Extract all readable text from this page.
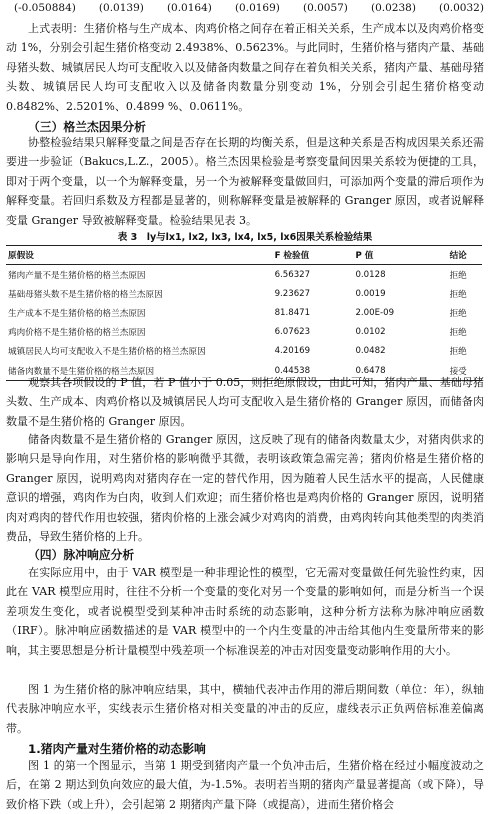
(-0.050884) (0.0139) (0.0164) (0.0169) (0.0057) (0.0238) (0.0032)

上式表明：生猪价格与生产成本、肉鸡价格之间存在着正相关关系，生产成本以及肉鸡价格变动 1%，分别会引起生猪价格变动 2.4938%、0.5623%。与此同时，生猪价格与猪肉产量、基础母猪头数、城镇居民人均可支配收入以及储备肉数量之间存在着负相关关系，猪肉产量、基础母猪头数、城镇居民人均可支配收入以及储备肉数量分别变动 1%，分别会引起生猪价格变动 0.8482%、2.5201%、0.4899 %、0.0611%。

（三）格兰杰因果分析

协整检验结果只解释变量之间是否存在长期的均衡关系，但是这种关系是否构成因果关系还需要进一步验证（Bakucs,L.Z.，2005）。格兰杰因果检验是考察变量间因果关系较为便捷的工具，即对于两个变量，以一个为解释变量，另一个为被解释变量做回归，可添加两个变量的滞后项作为解释变量。若回归系数及方程都是显著的，则称解释变量是被解释的 Granger 原因，或者说解释变量 Granger 导致被解释变量。检验结果见表 3。

表 3　ly与lx1, lx2, lx3, lx4, lx5, lx6因果关系检验结果
原假设	F 检验值	P 值	结论
猪肉产量不是生猪价格的格兰杰原因	6.56327	0.0128	拒绝
基础母猪头数不是生猪价格的格兰杰原因	9.23627	0.0019	拒绝
生产成本不是生猪价格的格兰杰原因	81.8471	2.00E-09	拒绝
鸡肉价格不是生猪价格的格兰杰原因	6.07623	0.0102	拒绝
城镇居民人均可支配收入不是生猪价格的格兰杰原因	4.20169	0.0482	拒绝
储备肉数量不是生猪价格的格兰杰原因	0.44538	0.6478	接受

观察其各项假设的 P 值，若 P 值小于 0.05，则拒绝原假设，由此可知，猪肉产量、基础母猪头数、生产成本、肉鸡价格以及城镇居民人均可支配收入是生猪价格的 Granger 原因，而储备肉数量不是生猪价格的 Granger 原因。

储备肉数量不是生猪价格的 Granger 原因，这反映了现有的储备肉数量太少，对猪肉供求的影响只是导向作用，对生猪价格的影响微乎其微，表明该政策急需完善；猪肉价格是生猪价格的 Granger 原因，说明鸡肉对猪肉存在一定的替代作用，因为随着人民生活水平的提高，人民健康意识的增强，鸡肉作为白肉，收到人们欢迎；而生猪价格也是鸡肉价格的 Granger 原因，说明猪肉对鸡肉的替代作用也较强，猪肉价格的上涨会减少对鸡肉的消费，由鸡肉转向其他类型的肉类消费品，导致生猪价格的上升。

（四）脉冲响应分析

在实际应用中，由于 VAR 模型是一种非理论性的模型，它无需对变量做任何先验性约束，因此在 VAR 模型应用时，往往不分析一个变量的变化对另一个变量的影响如何，而是分析当一个误差项发生变化，或者说模型受到某种冲击时系统的动态影响，这种分析方法称为脉冲响应函数（IRF）。脉冲响应函数描述的是 VAR 模型中的一个内生变量的冲击给其他内生变量所带来的影响，其主要思想是分析计量模型中残差项一个标准误差的冲击对因变量变动影响作用的大小。

图 1 为生猪价格的脉冲响应结果，其中，横轴代表冲击作用的滞后期间数（单位：年），纵轴代表脉冲响应水平，实线表示生猪价格对相关变量的冲击的反应，虚线表示正负两倍标准差偏离带。

1.猪肉产量对生猪价格的动态影响

图 1 的第一个图显示，当第 1 期受到猪肉产量一个负冲击后，生猪价格在经过小幅度波动之后，在第 2 期达到负向效应的最大值，为-1.5%。表明若当期的猪肉产量显著提高（或下降），导致价格下跌（或上升），会引起第 2 期猪肉产量下降（或提高），进而生猪价格会
